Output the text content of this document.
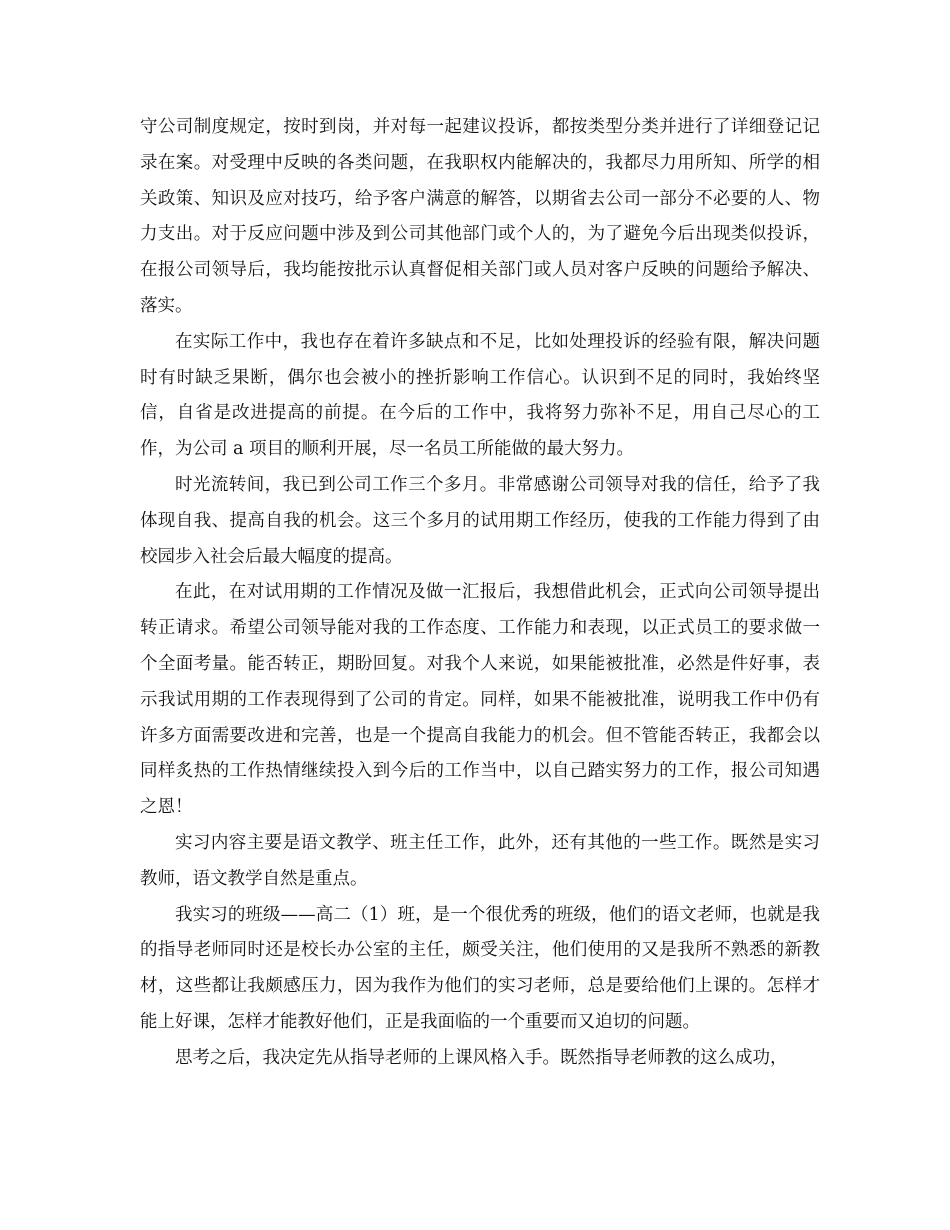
守公司制度规定，按时到岗，并对每一起建议投诉，都按类型分类并进行了详细登记记录在案。对受理中反映的各类问题，在我职权内能解决的，我都尽力用所知、所学的相关政策、知识及应对技巧，给予客户满意的解答，以期省去公司一部分不必要的人、物力支出。对于反应问题中涉及到公司其他部门或个人的，为了避免今后出现类似投诉，在报公司领导后，我均能按批示认真督促相关部门或人员对客户反映的问题给予解决、落实。

在实际工作中，我也存在着许多缺点和不足，比如处理投诉的经验有限，解决问题时有时缺乏果断，偶尔也会被小的挫折影响工作信心。认识到不足的同时，我始终坚信，自省是改进提高的前提。在今后的工作中，我将努力弥补不足，用自己尽心的工作，为公司 a 项目的顺利开展，尽一名员工所能做的最大努力。

时光流转间，我已到公司工作三个多月。非常感谢公司领导对我的信任，给予了我体现自我、提高自我的机会。这三个多月的试用期工作经历，使我的工作能力得到了由校园步入社会后最大幅度的提高。

在此，在对试用期的工作情况及做一汇报后，我想借此机会，正式向公司领导提出转正请求。希望公司领导能对我的工作态度、工作能力和表现，以正式员工的要求做一个全面考量。能否转正，期盼回复。对我个人来说，如果能被批准，必然是件好事，表示我试用期的工作表现得到了公司的肯定。同样，如果不能被批准，说明我工作中仍有许多方面需要改进和完善，也是一个提高自我能力的机会。但不管能否转正，我都会以同样炙热的工作热情继续投入到今后的工作当中，以自己踏实努力的工作，报公司知遇之恩！

实习内容主要是语文教学、班主任工作，此外，还有其他的一些工作。既然是实习教师，语文教学自然是重点。

我实习的班级——高二（1）班，是一个很优秀的班级，他们的语文老师，也就是我的指导老师同时还是校长办公室的主任，颇受关注，他们使用的又是我所不熟悉的新教材，这些都让我颇感压力，因为我作为他们的实习老师，总是要给他们上课的。怎样才能上好课，怎样才能教好他们，正是我面临的一个重要而又迫切的问题。

思考之后，我决定先从指导老师的上课风格入手。既然指导老师教的这么成功，
